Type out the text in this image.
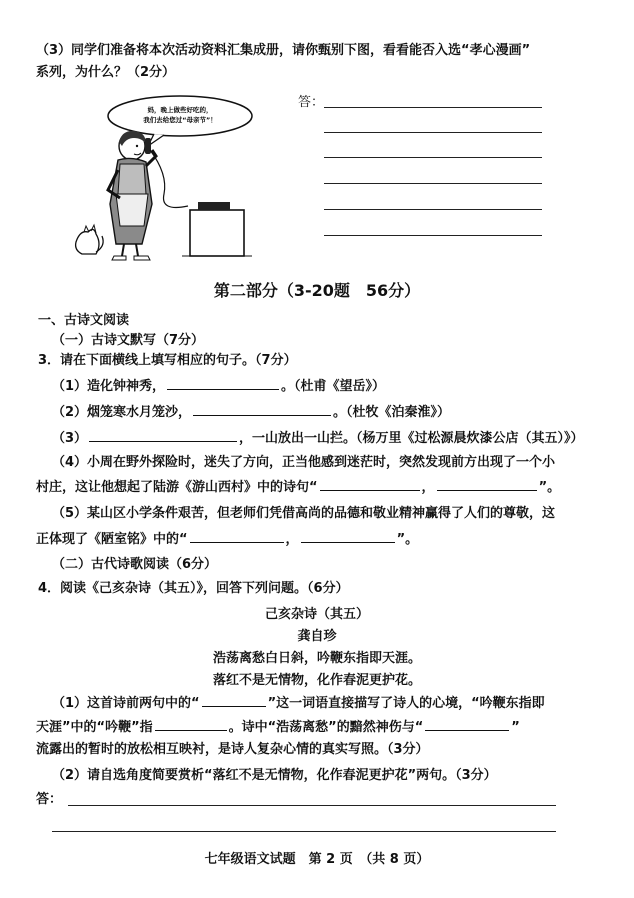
（3）同学们准备将本次活动资料汇集成册，请你甄别下图，看看能否入选“孝心漫画”
系列，为什么？（2分）
妈，晚上做些好吃的，
我们去给您过“母亲节”！
答：
第二部分（3-20题　56分）
一、古诗文阅读
（一）古诗文默写（7分）
3．请在下面横线上填写相应的句子。（7分）
（1）造化钟神秀，	。（杜甫《望岳》）
（2）烟笼寒水月笼沙，	。（杜牧《泊秦淮》）
（3）	，一山放出一山拦。（杨万里《过松源晨炊漆公店（其五）》）
（4）小周在野外探险时，迷失了方向，正当他感到迷茫时，突然发现前方出现了一个小
村庄，这让他想起了陆游《游山西村》中的诗句“	，	”。
（5）某山区小学条件艰苦，但老师们凭借高尚的品德和敬业精神赢得了人们的尊敬，这
正体现了《陋室铭》中的“	，	”。
（二）古代诗歌阅读（6分）
4．阅读《己亥杂诗（其五）》，回答下列问题。（6分）
己亥杂诗（其五）
龚自珍
浩荡离愁白日斜，吟鞭东指即天涯。
落红不是无情物，化作春泥更护花。
（1）这首诗前两句中的“	”这一词语直接描写了诗人的心境，“吟鞭东指即
天涯”中的“吟鞭”指	。诗中“浩荡离愁”的黯然神伤与“	”
流露出的暂时的放松相互映衬，是诗人复杂心情的真实写照。（3分）
（2）请自选角度简要赏析“落红不是无情物，化作春泥更护花”两句。（3分）
答：
七年级语文试题　第 2 页　（共 8 页）
